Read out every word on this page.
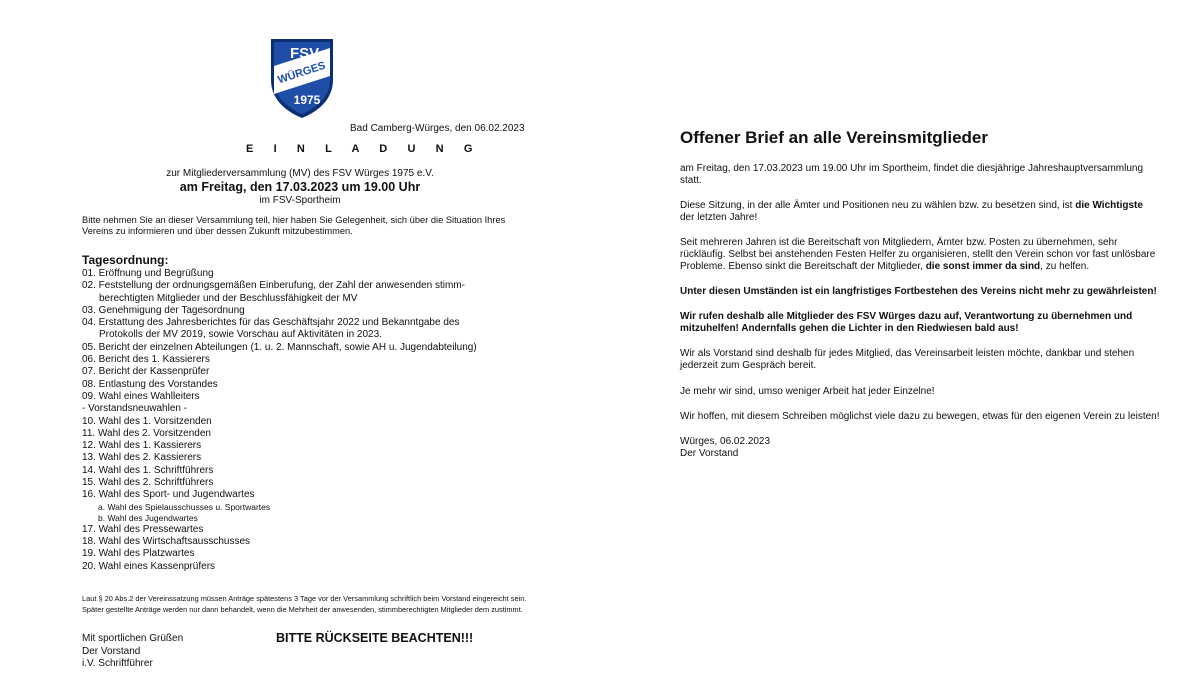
FSV
WÜRGES
1975
Bad Camberg-Würges, den 06.02.2023
E I N L A D U N G
zur Mitgliederversammlung (MV) des FSV Würges 1975 e.V.
am Freitag, den 17.03.2023 um 19.00 Uhr
im FSV-Sportheim
Bitte nehmen Sie an dieser Versammlung teil, hier haben Sie Gelegenheit, sich über die Situation Ihres Vereins zu informieren und über dessen Zukunft mitzubestimmen.
Tagesordnung:
01. Eröffnung und Begrüßung
02. Feststellung der ordnungsgemäßen Einberufung, der Zahl der anwesenden stimm-
berechtigten Mitglieder und der Beschlussfähigkeit der MV
03. Genehmigung der Tagesordnung
04. Erstattung des Jahresberichtes für das Geschäftsjahr 2022 und Bekanntgabe des
Protokolls der MV 2019, sowie Vorschau auf Aktivitäten in 2023.
05. Bericht der einzelnen Abteilungen (1. u. 2. Mannschaft, sowie AH u. Jugendabteilung)
06. Bericht des 1. Kassierers
07. Bericht der Kassenprüfer
08. Entlastung des Vorstandes
09. Wahl eines Wahlleiters
- Vorstandsneuwahlen -
10. Wahl des 1. Vorsitzenden
11. Wahl des 2. Vorsitzenden
12. Wahl des 1. Kassierers
13. Wahl des 2. Kassierers
14. Wahl des 1. Schriftführers
15. Wahl des 2. Schriftführers
16. Wahl des Sport- und Jugendwartes
a. Wahl des Spielausschusses u. Sportwartes
b. Wahl des Jugendwartes
17. Wahl des Pressewartes
18. Wahl des Wirtschaftsausschusses
19. Wahl des Platzwartes
20. Wahl eines Kassenprüfers
Laut § 20 Abs.2 der Vereinssatzung müssen Anträge spätestens 3 Tage vor der Versammlung schriftlich beim Vorstand eingereicht sein. Später gestellte Anträge werden nur dann behandelt, wenn die Mehrheit der anwesenden, stimmberechtigten Mitglieder dem zustimmt.
Mit sportlichen Grüßen
Der Vorstand
i.V. Schriftführer
BITTE RÜCKSEITE BEACHTEN!!!
Offener Brief an alle Vereinsmitglieder

am Freitag, den 17.03.2023 um 19.00 Uhr im Sportheim, findet die diesjährige Jahreshauptversammlung statt.

Diese Sitzung, in der alle Ämter und Positionen neu zu wählen bzw. zu besetzen sind, ist die Wichtigste der letzten Jahre!

Seit mehreren Jahren ist die Bereitschaft von Mitgliedern, Ämter bzw. Posten zu übernehmen, sehr rückläufig. Selbst bei anstehenden Festen Helfer zu organisieren, stellt den Verein schon vor fast unlösbare Probleme. Ebenso sinkt die Bereitschaft der Mitglieder, die sonst immer da sind, zu helfen.

Unter diesen Umständen ist ein langfristiges Fortbestehen des Vereins nicht mehr zu gewährleisten!

Wir rufen deshalb alle Mitglieder des FSV Würges dazu auf, Verantwortung zu übernehmen und mitzuhelfen! Andernfalls gehen die Lichter in den Riedwiesen bald aus!

Wir als Vorstand sind deshalb für jedes Mitglied, das Vereinsarbeit leisten möchte, dankbar und stehen jederzeit zum Gespräch bereit.

Je mehr wir sind, umso weniger Arbeit hat jeder Einzelne!

Wir hoffen, mit diesem Schreiben möglichst viele dazu zu bewegen, etwas für den eigenen Verein zu leisten!

Würges, 06.02.2023

Der Vorstand
